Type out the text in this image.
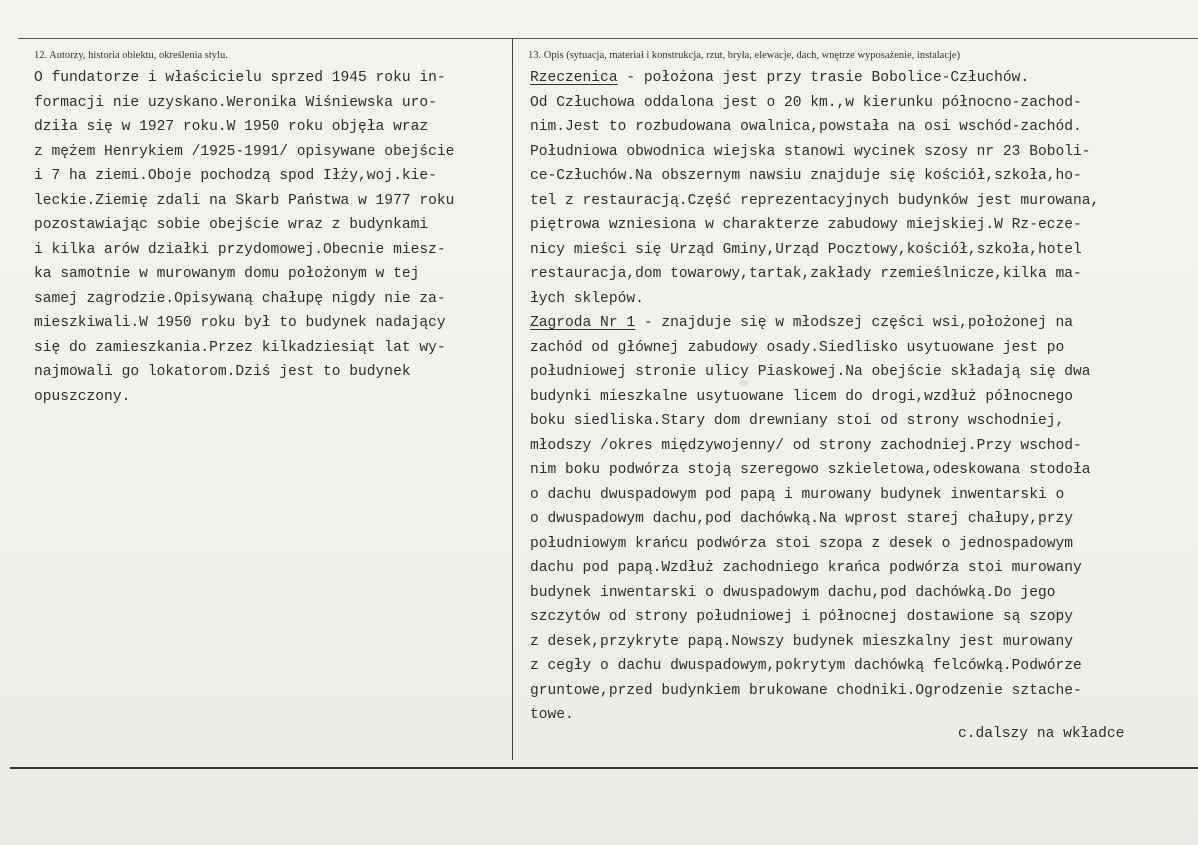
12. Autorzy, historia obiektu, określenia stylu.	13. Opis (sytuacja, materiał i konstrukcja, rzut, bryła, elewacje, dach, wnętrze wyposażenie, instalacje)
O fundatorze i właścicielu sprzed 1945 roku in-
formacji nie uzyskano.Weronika Wiśniewska uro-
dziła się w 1927 roku.W 1950 roku objęła wraz
z mężem Henrykiem /1925-1991/ opisywane obejście
i 7 ha ziemi.Oboje pochodzą spod Iłży,woj.kie-
leckie.Ziemię zdali na Skarb Państwa w 1977 roku
pozostawiając sobie obejście wraz z budynkami
i kilka arów działki przydomowej.Obecnie miesz-
ka samotnie w murowanym domu położonym w tej
samej zagrodzie.Opisywaną chałupę nigdy nie za-
mieszkiwali.W 1950 roku był to budynek nadający
się do zamieszkania.Przez kilkadziesiąt lat wy-
najmowali go lokatorom.Dziś jest to budynek
opuszczony.
Rzeczenica - położona jest przy trasie Bobolice-Człuchów.
Od Człuchowa oddalona jest o 20 km.,w kierunku północno-zachod-
nim.Jest to rozbudowana owalnica,powstała na osi wschód-zachód.
Południowa obwodnica wiejska stanowi wycinek szosy nr 23 Boboli-
ce-Człuchów.Na obszernym nawsiu znajduje się kościół,szkoła,ho-
tel z restauracją.Część reprezentacyjnych budynków jest murowana,
piętrowa wzniesiona w charakterze zabudowy miejskiej.W Rz-ecze-
nicy mieści się Urząd Gminy,Urząd Pocztowy,kościół,szkoła,hotel
restauracja,dom towarowy,tartak,zakłady rzemieślnicze,kilka ma-
łych sklepów.
Zagroda Nr 1 - znajduje się w młodszej części wsi,położonej na
zachód od głównej zabudowy osady.Siedlisko usytuowane jest po
południowej stronie ulicy Piaskowej.Na obejście składają się dwa
budynki mieszkalne usytuowane licem do drogi,wzdłuż północnego
boku siedliska.Stary dom drewniany stoi od strony wschodniej,
młodszy /okres międzywojenny/ od strony zachodniej.Przy wschod-
nim boku podwórza stoją szeregowo szkieletowa,odeskowana stodoła
o dachu dwuspadowym pod papą i murowany budynek inwentarski o
o dwuspadowym dachu,pod dachówką.Na wprost starej chałupy,przy
południowym krańcu podwórza stoi szopa z desek o jednospadowym
dachu pod papą.Wzdłuż zachodniego krańca podwórza stoi murowany
budynek inwentarski o dwuspadowym dachu,pod dachówką.Do jego
szczytów od strony południowej i północnej dostawione są szopy
z desek,przykryte papą.Nowszy budynek mieszkalny jest murowany
z cegły o dachu dwuspadowym,pokrytym dachówką felcówką.Podwórze
gruntowe,przed budynkiem brukowane chodniki.Ogrodzenie sztache-
towe.
c.dalszy na wkładce
